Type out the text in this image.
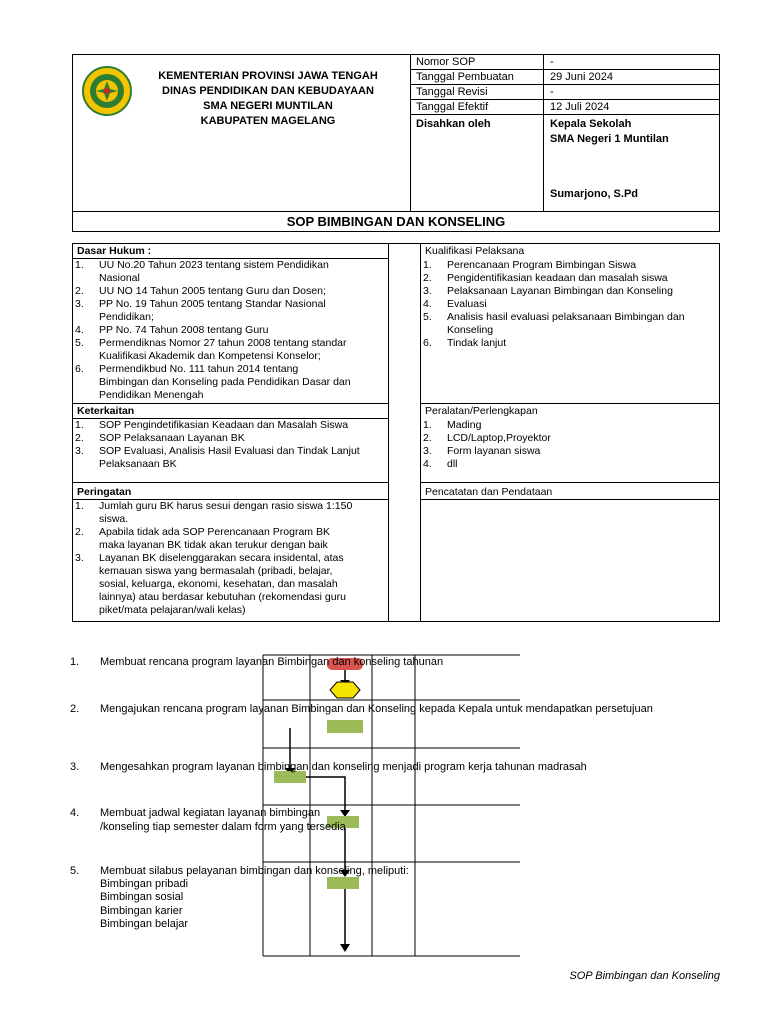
KEMENTERIAN PROVINSI JAWA TENGAH
DINAS PENDIDIKAN DAN KEBUDAYAAN
SMA NEGERI MUNTILAN
KABUPATEN MAGELANG
Nomor SOP	-
Tanggal Pembuatan	29 Juni 2024
Tanggal Revisi	-
Tanggal Efektif	12 Juli 2024
Disahkan oleh	Kepala Sekolah
SMA Negeri 1 Muntilan
Sumarjono, S.Pd
SOP BIMBINGAN DAN KONSELING
Dasar Hukum :
1. UU No.20 Tahun 2023 tentang sistem Pendidikan
Nasional
2. UU NO 14 Tahun 2005 tentang Guru dan Dosen;
3. PP No. 19 Tahun 2005 tentang Standar Nasional
Pendidikan;
4. PP No. 74 Tahun 2008 tentang Guru
5. Permendiknas Nomor 27 tahun 2008 tentang standar
Kualifikasi Akademik dan Kompetensi Konselor;
6. Permendikbud No. 111 tahun 2014 tentang
Bimbingan dan Konseling pada Pendidikan Dasar dan
Pendidikan Menengah
Keterkaitan
1. SOP Pengindetifikasian Keadaan dan Masalah Siswa
2. SOP Pelaksanaan Layanan BK
3. SOP Evaluasi, Analisis Hasil Evaluasi dan Tindak Lanjut
Pelaksanaan BK
Peringatan
1. Jumlah guru BK harus sesui dengan rasio siswa 1:150
siswa.
2. Apabila tidak ada SOP Perencanaan Program BK
maka layanan BK tidak akan terukur dengan baik
3. Layanan BK diselenggarakan secara insidental, atas
kemauan siswa yang bermasalah (pribadi, belajar,
sosial, keluarga, ekonomi, kesehatan, dan masalah
lainnya) atau berdasar kebutuhan (rekomendasi guru
piket/mata pelajaran/wali kelas)
Kualifikasi Pelaksana
1. Perencanaan Program Bimbingan Siswa
2. Pengidentifikasian keadaan dan masalah siswa
3. Pelaksanaan Layanan Bimbingan dan Konseling
4. Evaluasi
5. Analisis hasil evaluasi pelaksanaan Bimbingan dan
Konseling
6. Tindak lanjut
Peralatan/Perlengkapan
1. Mading
2. LCD/Laptop,Proyektor
3. Form layanan siswa
4. dll
Pencatatan dan Pendataan
1. Membuat rencana program layanan Bimbingan dan konseling tahunan
2. Mengajukan rencana program layanan Bimbingan dan Konseling kepada Kepala untuk mendapatkan persetujuan
3. Mengesahkan program layanan bimbingan dan konseling menjadi program kerja tahunan madrasah
4. Membuat jadwal kegiatan layanan bimbingan
/konseling tiap semester dalam form yang tersedia
5. Membuat silabus pelayanan bimbingan dan konseling, meliputi:
Bimbingan pribadi
Bimbingan sosial
Bimbingan karier
Bimbingan belajar
SOP Bimbingan dan Konseling
